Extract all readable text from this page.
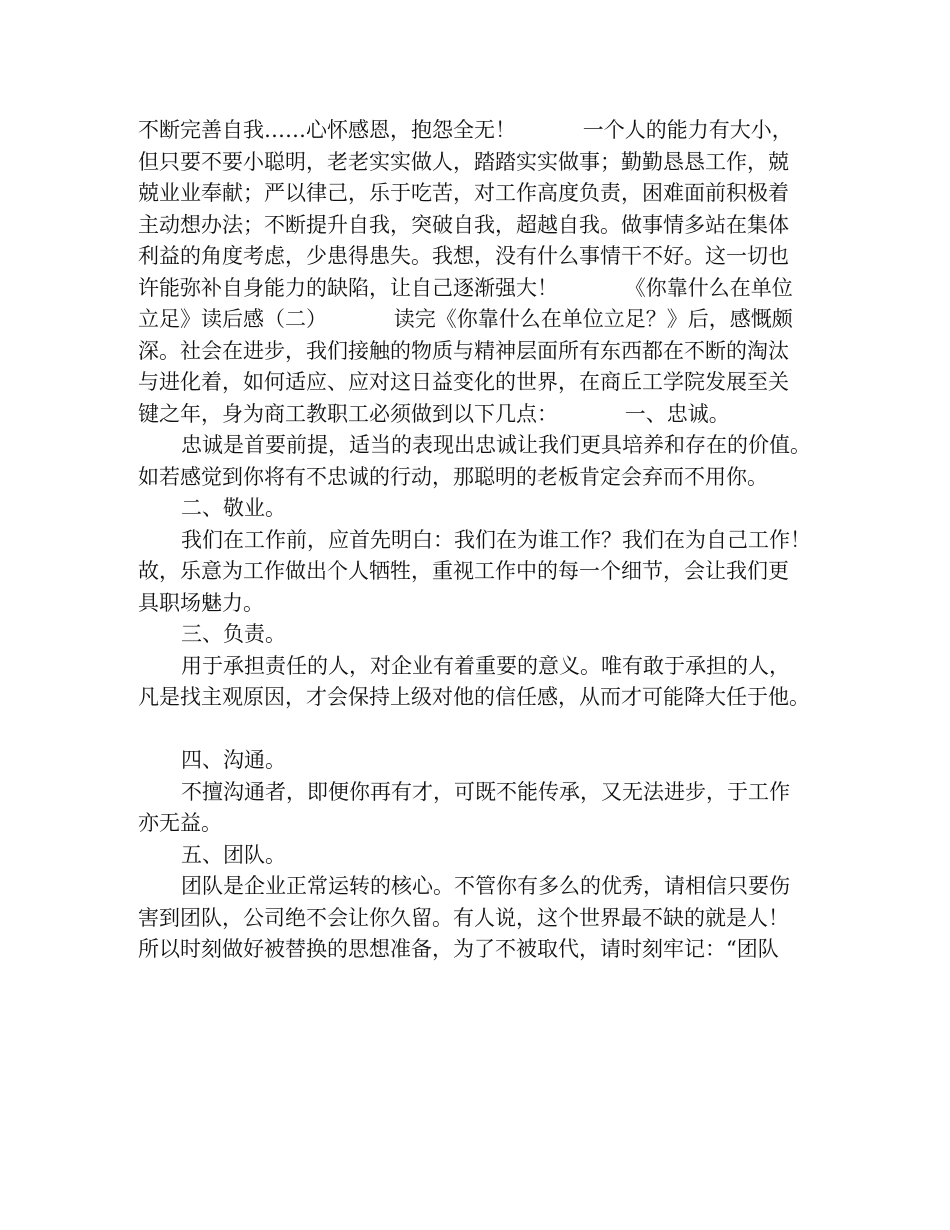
不断完善自我……心怀感恩，抱怨全无！          一个人的能力有大小，
但只要不要小聪明，老老实实做人，踏踏实实做事；勤勤恳恳工作，兢
兢业业奉献；严以律己，乐于吃苦，对工作高度负责，困难面前积极着
主动想办法；不断提升自我，突破自我，超越自我。做事情多站在集体
利益的角度考虑，少患得患失。我想，没有什么事情干不好。这一切也
许能弥补自身能力的缺陷，让自己逐渐强大！          《你靠什么在单位
立足》读后感（二）          读完《你靠什么在单位立足？》后，感慨颇
深。社会在进步，我们接触的物质与精神层面所有东西都在不断的淘汰
与进化着，如何适应、应对这日益变化的世界，在商丘工学院发展至关
键之年，身为商工教职工必须做到以下几点：          一、忠诚。
忠诚是首要前提，适当的表现出忠诚让我们更具培养和存在的价值。
如若感觉到你将有不忠诚的行动，那聪明的老板肯定会弃而不用你。
二、敬业。
我们在工作前，应首先明白：我们在为谁工作？我们在为自己工作！
故，乐意为工作做出个人牺牲，重视工作中的每一个细节，会让我们更
具职场魅力。
三、负责。
用于承担责任的人，对企业有着重要的意义。唯有敢于承担的人，
凡是找主观原因，才会保持上级对他的信任感，从而才可能降大任于他。
四、沟通。
不擅沟通者，即便你再有才，可既不能传承，又无法进步，于工作
亦无益。
五、团队。
团队是企业正常运转的核心。不管你有多么的优秀，请相信只要伤
害到团队，公司绝不会让你久留。有人说，这个世界最不缺的就是人！
所以时刻做好被替换的思想准备，为了不被取代，请时刻牢记：“团队
